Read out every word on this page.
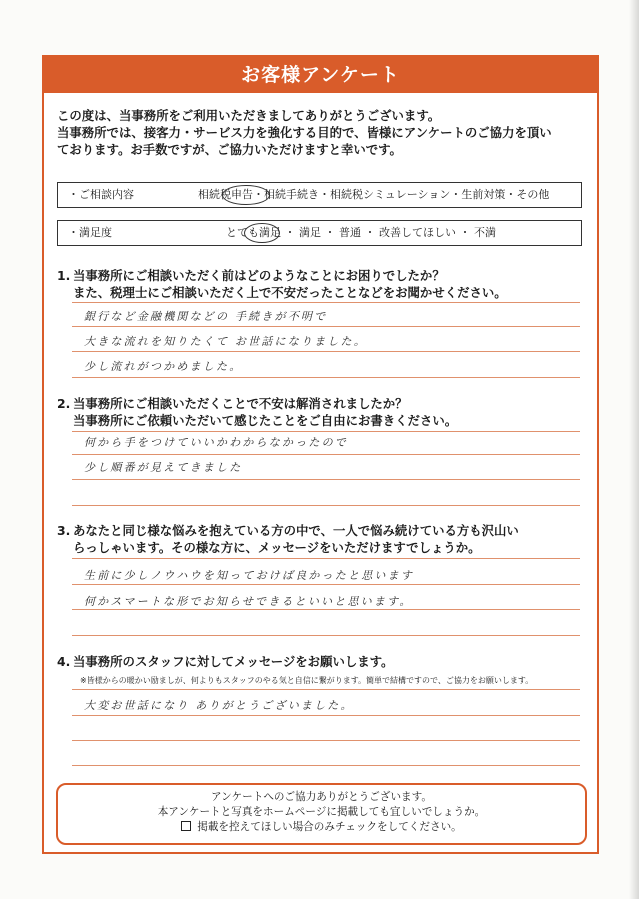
お客様アンケート
この度は、当事務所をご利用いただきましてありがとうございます。
当事務所では、接客力・サービス力を強化する目的で、皆様にアンケートのご協力を頂い
ております。お手数ですが、ご協力いただけますと幸いです。
・ご相談内容	相続税申告・相続手続き・相続税シミュレーション・生前対策・その他
・満足度	とても満足 ・ 満足 ・ 普通 ・ 改善してほしい ・ 不満
1. 当事務所にご相談いただく前はどのようなことにお困りでしたか？
また、税理士にご相談いただく上で不安だったことなどをお聞かせください。
銀行など金融機関などの 手続きが不明で
大きな流れを知りたくて お世話になりました。
少し流れがつかめました。
2. 当事務所にご相談いただくことで不安は解消されましたか？
当事務所にご依頼いただいて感じたことをご自由にお書きください。
何から手をつけていいかわからなかったので
少し順番が見えてきました
3. あなたと同じ様な悩みを抱えている方の中で、一人で悩み続けている方も沢山い
らっしゃいます。その様な方に、メッセージをいただけますでしょうか。
生前に少しノウハウを知っておけば良かったと思います
何かスマートな形でお知らせできるといいと思います。
4. 当事務所のスタッフに対してメッセージをお願いします。
※皆様からの暖かい励ましが、何よりもスタッフのやる気と自信に繋がります。簡単で結構ですので、ご協力をお願いします。
大変お世話になり ありがとうございました。
アンケートへのご協力ありがとうございます。
本アンケートと写真をホームページに掲載しても宜しいでしょうか。
掲載を控えてほしい場合のみチェックをしてください。
